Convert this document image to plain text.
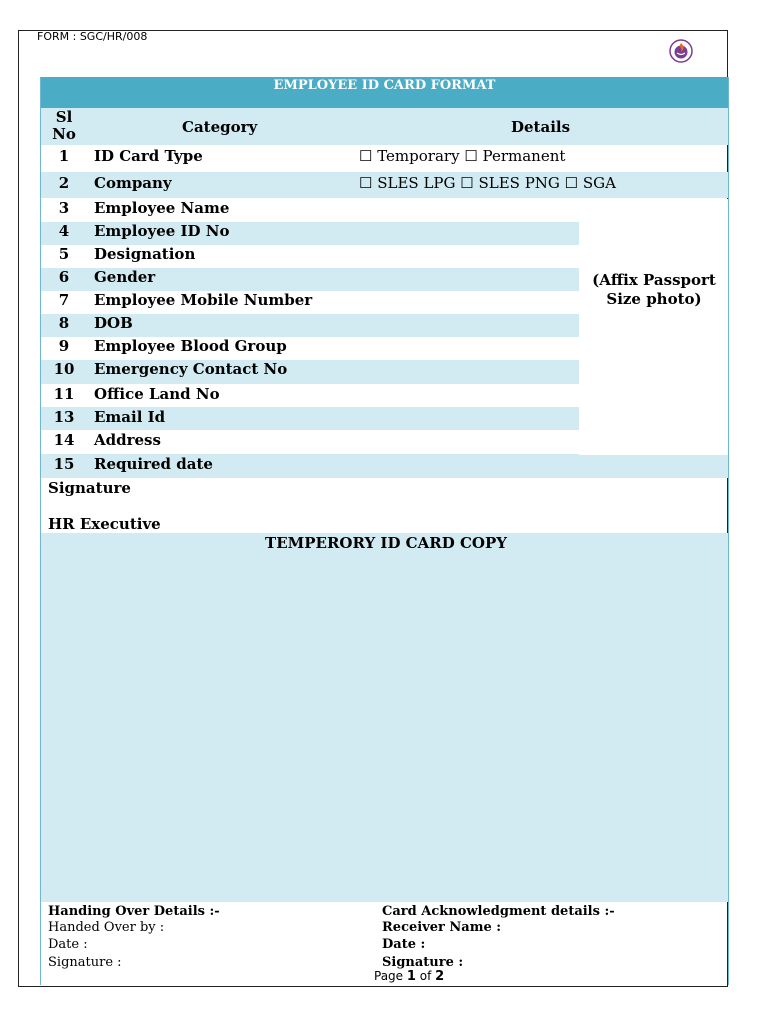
FORM : SGC/HR/008
EMPLOYEE ID CARD FORMAT
Sl
No	Category	Details
1	ID Card Type	☐ Temporary ☐ Permanent
2	Company	☐ SLES LPG ☐ SLES PNG ☐ SGA
3	Employee Name
4	Employee ID No
5	Designation
6	Gender
7	Employee Mobile Number
8	DOB
9	Employee Blood Group
10	Emergency Contact No
11	Office Land No
13	Email Id
14	Address
15	Required date
(Affix Passport
Size photo)
Signature
HR Executive
TEMPERORY ID CARD COPY
Handing Over Details :-
Handed Over by :
Date :
Signature :
Card Acknowledgment details :-
Receiver Name :
Date :
Signature :
Page 1 of 2
